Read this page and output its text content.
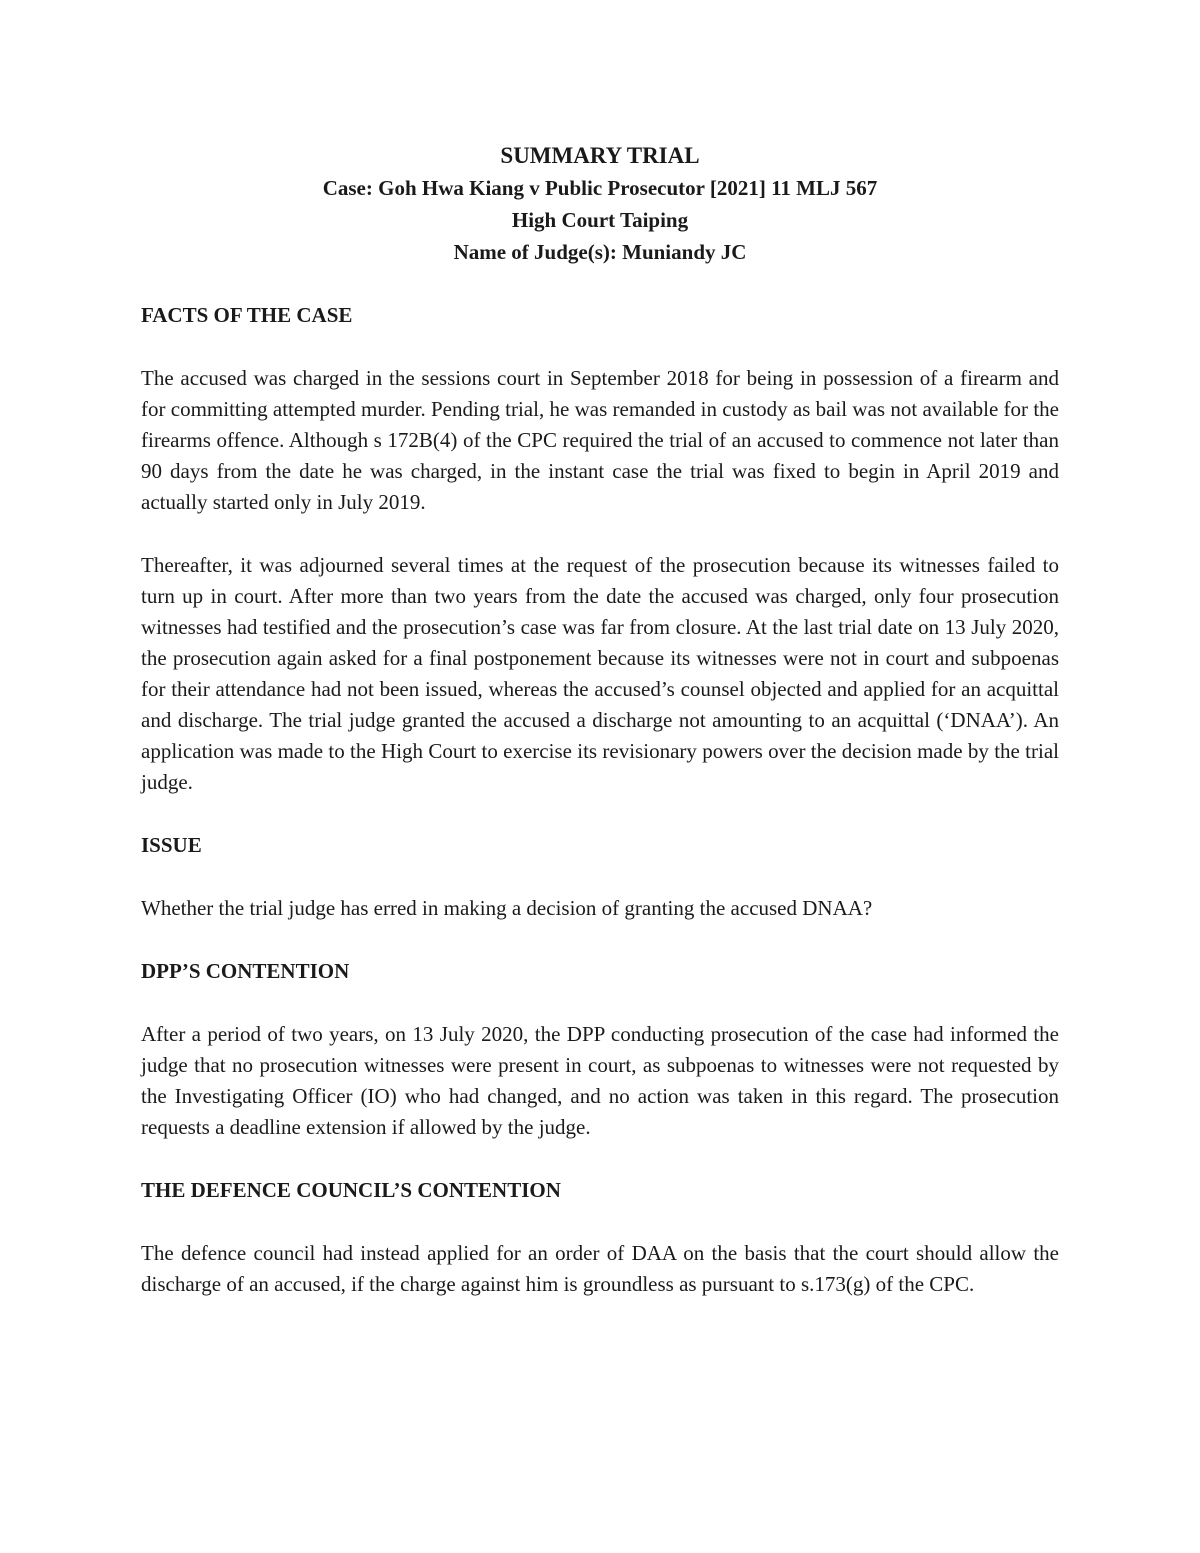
SUMMARY TRIAL
Case: Goh Hwa Kiang v Public Prosecutor [2021] 11 MLJ 567
High Court Taiping
Name of Judge(s): Muniandy JC
FACTS OF THE CASE

The accused was charged in the sessions court in September 2018 for being in possession of a firearm and for committing attempted murder. Pending trial, he was remanded in custody as bail was not available for the firearms offence. Although s 172B(4) of the CPC required the trial of an accused to commence not later than 90 days from the date he was charged, in the instant case the trial was fixed to begin in April 2019 and actually started only in July 2019.

Thereafter, it was adjourned several times at the request of the prosecution because its witnesses failed to turn up in court. After more than two years from the date the accused was charged, only four prosecution witnesses had testified and the prosecution’s case was far from closure. At the last trial date on 13 July 2020, the prosecution again asked for a final postponement because its witnesses were not in court and subpoenas for their attendance had not been issued, whereas the accused’s counsel objected and applied for an acquittal and discharge. The trial judge granted the accused a discharge not amounting to an acquittal (‘DNAA’). An application was made to the High Court to exercise its revisionary powers over the decision made by the trial judge.

ISSUE

Whether the trial judge has erred in making a decision of granting the accused DNAA?

DPP’S CONTENTION

After a period of two years, on 13 July 2020, the DPP conducting prosecution of the case had informed the judge that no prosecution witnesses were present in court, as subpoenas to witnesses were not requested by the Investigating Officer (IO) who had changed, and no action was taken in this regard. The prosecution requests a deadline extension if allowed by the judge.

THE DEFENCE COUNCIL’S CONTENTION

The defence council had instead applied for an order of DAA on the basis that the court should allow the discharge of an accused, if the charge against him is groundless as pursuant to s.173(g) of the CPC.
